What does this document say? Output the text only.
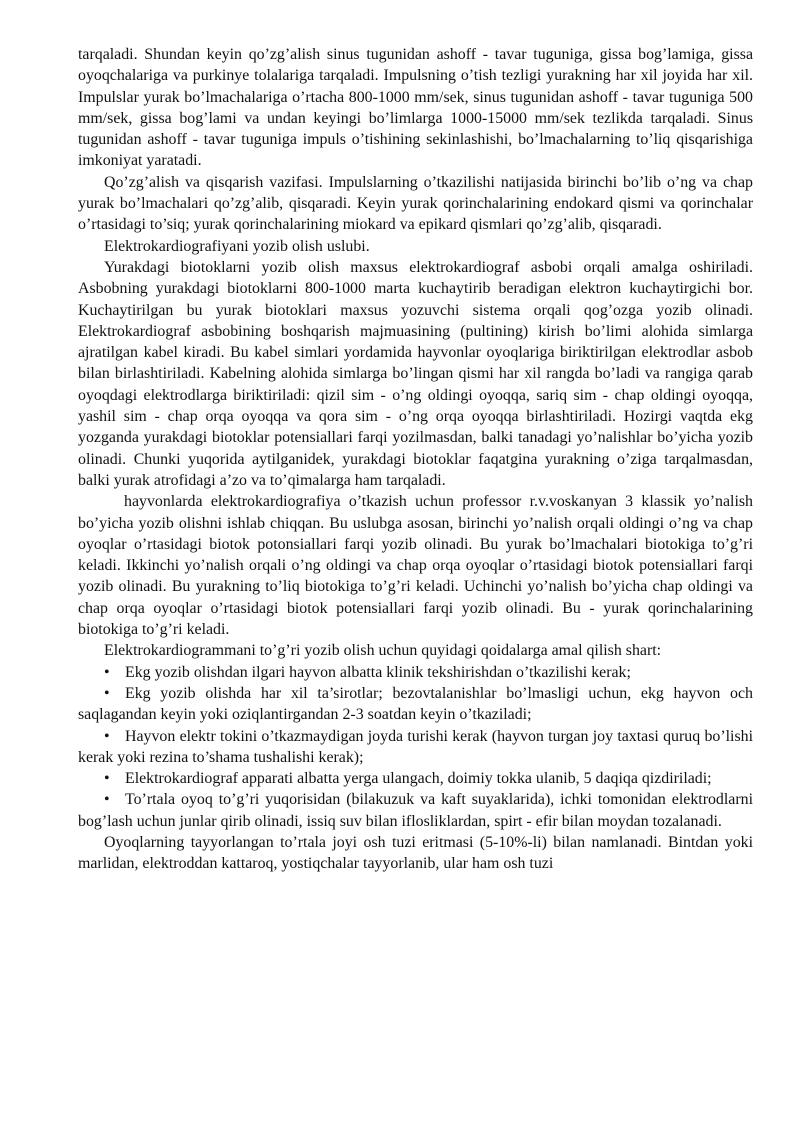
tarqaladi. Shundan keyin qo’zg’alish sinus tugunidan ashoff - tavar tuguniga, gissa bog’lamiga, gissa oyoqchalariga va purkinye tolalariga tarqaladi. Impulsning o’tish tezligi yurakning har xil joyida har xil. Impulslar yurak bo’lmachalariga o’rtacha 800-1000 mm/sek, sinus tugunidan ashoff - tavar tuguniga 500 mm/sek, gissa bog’lami va undan keyingi bo’limlarga 1000-15000 mm/sek tezlikda tarqaladi. Sinus tugunidan ashoff - tavar tuguniga impuls o’tishining sekinlashishi, bo’lmachalarning to’liq qisqarishiga imkoniyat yaratadi.

Qo’zg’alish va qisqarish vazifasi. Impulslarning o’tkazilishi natijasida birinchi bo’lib o’ng va chap yurak bo’lmachalari qo’zg’alib, qisqaradi. Keyin yurak qorinchalarining endokard qismi va qorinchalar o’rtasidagi to’siq; yurak qorinchalarining miokard va epikard qismlari qo’zg’alib, qisqaradi.

Elektrokardiografiyani yozib olish uslubi.

Yurakdagi biotoklarni yozib olish maxsus elektrokardiograf asbobi orqali amalga oshiriladi. Asbobning yurakdagi biotoklarni 800-1000 marta kuchaytirib beradigan elektron kuchaytirgichi bor. Kuchaytirilgan bu yurak biotoklari maxsus yozuvchi sistema orqali qog’ozga yozib olinadi. Elektrokardiograf asbobining boshqarish majmuasining (pultining) kirish bo’limi alohida simlarga ajratilgan kabel kiradi. Bu kabel simlari yordamida hayvonlar oyoqlariga biriktirilgan elektrodlar asbob bilan birlashtiriladi. Kabelning alohida simlarga bo’lingan qismi har xil rangda bo’ladi va rangiga qarab oyoqdagi elektrodlarga biriktiriladi: qizil sim - o’ng oldingi oyoqqa, sariq sim - chap oldingi oyoqqa, yashil sim - chap orqa oyoqqa va qora sim - o’ng orqa oyoqqa birlashtiriladi. Hozirgi vaqtda ekg yozganda yurakdagi biotoklar potensiallari farqi yozilmasdan, balki tanadagi yo’nalishlar bo’yicha yozib olinadi. Chunki yuqorida aytilganidek, yurakdagi biotoklar faqatgina yurakning o’ziga tarqalmasdan, balki yurak atrofidagi a’zo va to’qimalarga ham tarqaladi.

hayvonlarda elektrokardiografiya o’tkazish uchun professor r.v.voskanyan 3 klassik yo’nalish bo’yicha yozib olishni ishlab chiqqan. Bu uslubga asosan, birinchi yo’nalish orqali oldingi o’ng va chap oyoqlar o’rtasidagi biotok potonsiallari farqi yozib olinadi. Bu yurak bo’lmachalari biotokiga to’g’ri keladi. Ikkinchi yo’nalish orqali o’ng oldingi va chap orqa oyoqlar o’rtasidagi biotok potensiallari farqi yozib olinadi. Bu yurakning to’liq biotokiga to’g’ri keladi. Uchinchi yo’nalish bo’yicha chap oldingi va chap orqa oyoqlar o’rtasidagi biotok potensiallari farqi yozib olinadi. Bu - yurak qorinchalarining biotokiga to’g’ri keladi.

Elektrokardiogrammani to’g’ri yozib olish uchun quyidagi qoidalarga amal qilish shart:

• Ekg yozib olishdan ilgari hayvon albatta klinik tekshirishdan o’tkazilishi kerak;

• Ekg yozib olishda har xil ta’sirotlar; bezovtalanishlar bo’lmasligi uchun, ekg hayvon och saqlagandan keyin yoki oziqlantirgandan 2-3 soatdan keyin o’tkaziladi;

• Hayvon elektr tokini o’tkazmaydigan joyda turishi kerak (hayvon turgan joy taxtasi quruq bo’lishi kerak yoki rezina to’shama tushalishi kerak);

• Elektrokardiograf apparati albatta yerga ulangach, doimiy tokka ulanib, 5 daqiqa qizdiriladi;

• To’rtala oyoq to’g’ri yuqorisidan (bilakuzuk va kaft suyaklarida), ichki tomonidan elektrodlarni bog’lash uchun junlar qirib olinadi, issiq suv bilan iflosliklardan, spirt - efir bilan moydan tozalanadi.

Oyoqlarning tayyorlangan to’rtala joyi osh tuzi eritmasi (5-10%-li) bilan namlanadi. Bintdan yoki marlidan, elektroddan kattaroq, yostiqchalar tayyorlanib, ular ham osh tuzi
